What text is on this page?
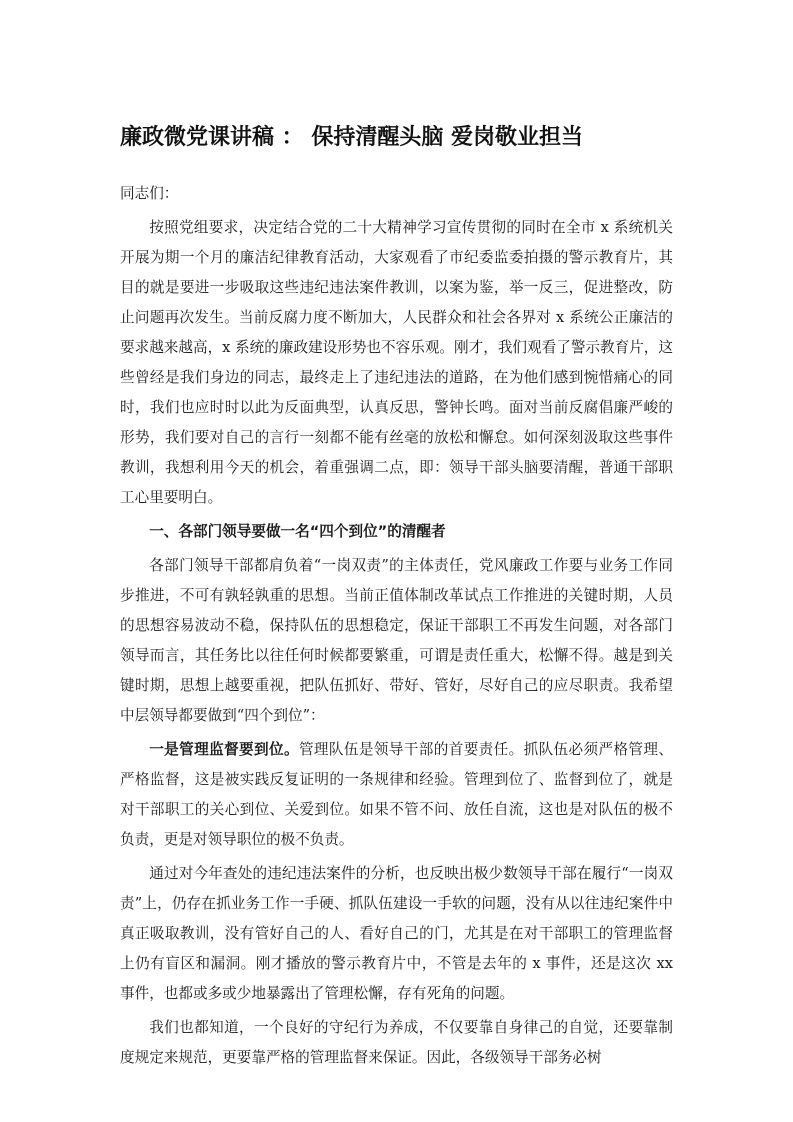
廉政微党课讲稿 ： 保持清醒头脑 爱岗敬业担当

同志们：

按照党组要求，决定结合党的二十大精神学习宣传贯彻的同时在全市 x 系统机关开展为期一个月的廉洁纪律教育活动，大家观看了市纪委监委拍摄的警示教育片，其目的就是要进一步吸取这些违纪违法案件教训，以案为鉴，举一反三，促进整改，防止问题再次发生。当前反腐力度不断加大，人民群众和社会各界对 x 系统公正廉洁的要求越来越高，x 系统的廉政建设形势也不容乐观。刚才，我们观看了警示教育片，这些曾经是我们身边的同志，最终走上了违纪违法的道路，在为他们感到惋惜痛心的同时，我们也应时时以此为反面典型，认真反思，警钟长鸣。面对当前反腐倡廉严峻的形势，我们要对自己的言行一刻都不能有丝毫的放松和懈怠。如何深刻汲取这些事件教训，我想利用今天的机会，着重强调二点，即：领导干部头脑要清醒，普通干部职工心里要明白。

一、各部门领导要做一名“四个到位”的清醒者

各部门领导干部都肩负着“一岗双责”的主体责任，党风廉政工作要与业务工作同步推进，不可有孰轻孰重的思想。当前正值体制改革试点工作推进的关键时期，人员的思想容易波动不稳，保持队伍的思想稳定，保证干部职工不再发生问题，对各部门领导而言，其任务比以往任何时候都要繁重，可谓是责任重大，松懈不得。越是到关键时期，思想上越要重视，把队伍抓好、带好、管好，尽好自己的应尽职责。我希望中层领导都要做到“四个到位”：

一是管理监督要到位。管理队伍是领导干部的首要责任。抓队伍必须严格管理、严格监督，这是被实践反复证明的一条规律和经验。管理到位了、监督到位了，就是对干部职工的关心到位、关爱到位。如果不管不问、放任自流，这也是对队伍的极不负责，更是对领导职位的极不负责。

通过对今年查处的违纪违法案件的分析，也反映出极少数领导干部在履行“一岗双责”上，仍存在抓业务工作一手硬、抓队伍建设一手软的问题，没有从以往违纪案件中真正吸取教训，没有管好自己的人、看好自己的门，尤其是在对干部职工的管理监督上仍有盲区和漏洞。刚才播放的警示教育片中，不管是去年的 x 事件，还是这次 xx 事件，也都或多或少地暴露出了管理松懈，存有死角的问题。

我们也都知道，一个良好的守纪行为养成，不仅要靠自身律己的自觉，还要靠制度规定来规范，更要靠严格的管理监督来保证。因此，各级领导干部务必树
